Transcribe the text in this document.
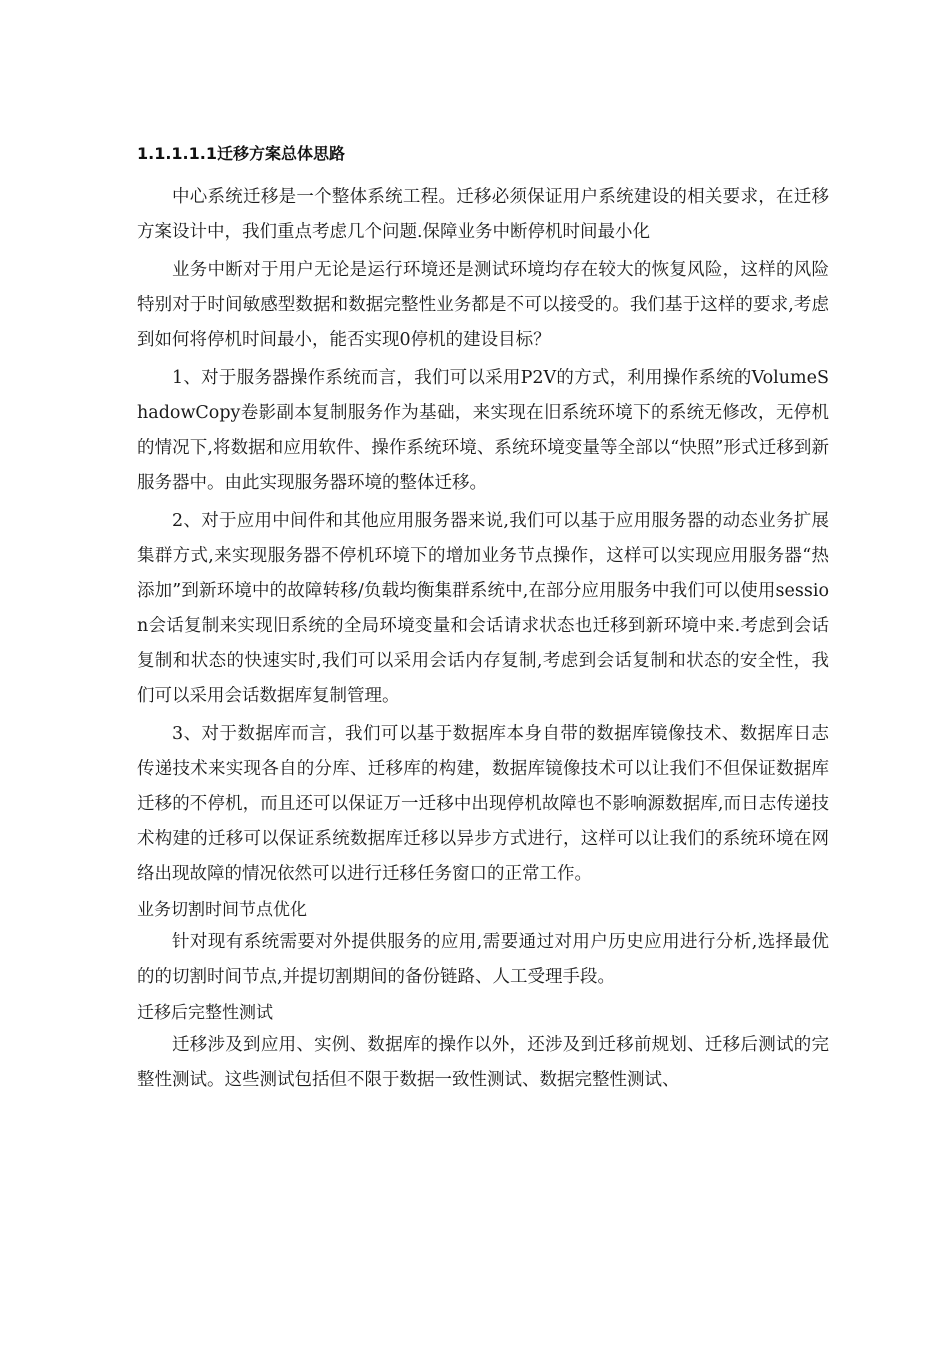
1.1.1.1.1迁移方案总体思路

中心系统迁移是一个整体系统工程。迁移必须保证用户系统建设的相关要求，在迁移方案设计中，我们重点考虑几个问题.保障业务中断停机时间最小化

业务中断对于用户无论是运行环境还是测试环境均存在较大的恢复风险，这样的风险特别对于时间敏感型数据和数据完整性业务都是不可以接受的。我们基于这样的要求,考虑到如何将停机时间最小，能否实现0停机的建设目标？

1、对于服务器操作系统而言，我们可以采用P2V的方式，利用操作系统的VolumeShadowCopy卷影副本复制服务作为基础，来实现在旧系统环境下的系统无修改，无停机的情况下,将数据和应用软件、操作系统环境、系统环境变量等全部以“快照”形式迁移到新服务器中。由此实现服务器环境的整体迁移。

2、对于应用中间件和其他应用服务器来说,我们可以基于应用服务器的动态业务扩展集群方式,来实现服务器不停机环境下的增加业务节点操作，这样可以实现应用服务器“热添加”到新环境中的故障转移/负载均衡集群系统中,在部分应用服务中我们可以使用session会话复制来实现旧系统的全局环境变量和会话请求状态也迁移到新环境中来.考虑到会话复制和状态的快速实时,我们可以采用会话内存复制,考虑到会话复制和状态的安全性，我们可以采用会话数据库复制管理。

3、对于数据库而言，我们可以基于数据库本身自带的数据库镜像技术、数据库日志传递技术来实现各自的分库、迁移库的构建，数据库镜像技术可以让我们不但保证数据库迁移的不停机，而且还可以保证万一迁移中出现停机故障也不影响源数据库,而日志传递技术构建的迁移可以保证系统数据库迁移以异步方式进行，这样可以让我们的系统环境在网络出现故障的情况依然可以进行迁移任务窗口的正常工作。

业务切割时间节点优化

针对现有系统需要对外提供服务的应用,需要通过对用户历史应用进行分析,选择最优的的切割时间节点,并提切割期间的备份链路、人工受理手段。

迁移后完整性测试

迁移涉及到应用、实例、数据库的操作以外，还涉及到迁移前规划、迁移后测试的完整性测试。这些测试包括但不限于数据一致性测试、数据完整性测试、
